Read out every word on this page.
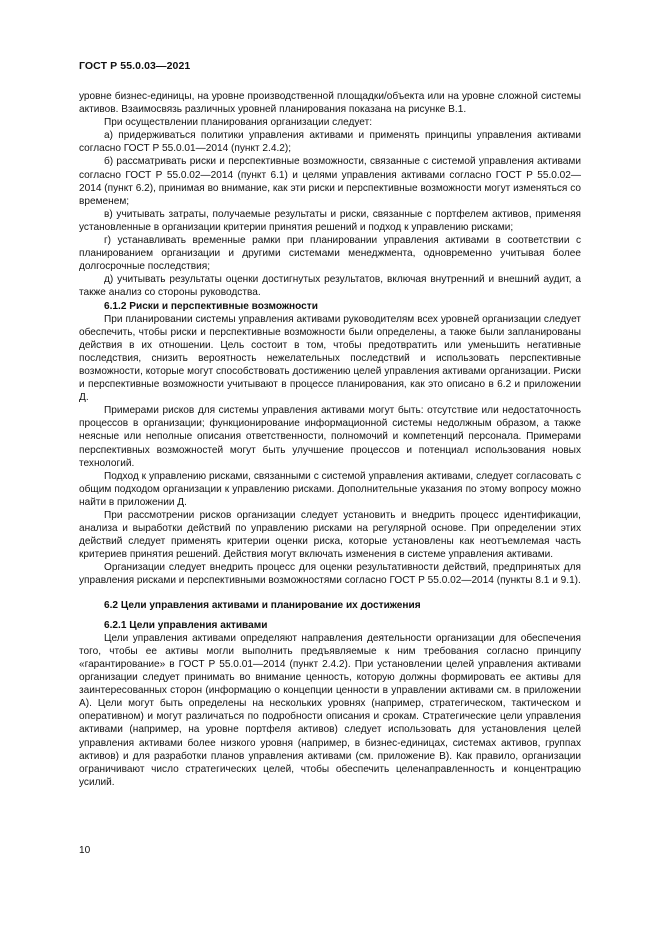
ГОСТ Р 55.0.03—2021

уровне бизнес-единицы, на уровне производственной площадки/объекта или на уровне сложной системы активов. Взаимосвязь различных уровней планирования показана на рисунке В.1.

При осуществлении планирования организации следует:

а) придерживаться политики управления активами и применять принципы управления активами согласно ГОСТ Р 55.0.01—2014 (пункт 2.4.2);

б) рассматривать риски и перспективные возможности, связанные с системой управления активами согласно ГОСТ Р 55.0.02—2014 (пункт 6.1) и целями управления активами согласно ГОСТ Р 55.0.02—2014 (пункт 6.2), принимая во внимание, как эти риски и перспективные возможности могут изменяться со временем;

в) учитывать затраты, получаемые результаты и риски, связанные с портфелем активов, применяя установленные в организации критерии принятия решений и подход к управлению рисками;

г) устанавливать временные рамки при планировании управления активами в соответствии с планированием организации и другими системами менеджмента, одновременно учитывая более долгосрочные последствия;

д) учитывать результаты оценки достигнутых результатов, включая внутренний и внешний аудит, а также анализ со стороны руководства.

6.1.2 Риски и перспективные возможности

При планировании системы управления активами руководителям всех уровней организации следует обеспечить, чтобы риски и перспективные возможности были определены, а также были запланированы действия в их отношении. Цель состоит в том, чтобы предотвратить или уменьшить негативные последствия, снизить вероятность нежелательных последствий и использовать перспективные возможности, которые могут способствовать достижению целей управления активами организации. Риски и перспективные возможности учитывают в процессе планирования, как это описано в 6.2 и приложении Д.

Примерами рисков для системы управления активами могут быть: отсутствие или недостаточность процессов в организации; функционирование информационной системы недолжным образом, а также неясные или неполные описания ответственности, полномочий и компетенций персонала. Примерами перспективных возможностей могут быть улучшение процессов и потенциал использования новых технологий.

Подход к управлению рисками, связанными с системой управления активами, следует согласовать с общим подходом организации к управлению рисками. Дополнительные указания по этому вопросу можно найти в приложении Д.

При рассмотрении рисков организации следует установить и внедрить процесс идентификации, анализа и выработки действий по управлению рисками на регулярной основе. При определении этих действий следует применять критерии оценки риска, которые установлены как неотъемлемая часть критериев принятия решений. Действия могут включать изменения в системе управления активами.

Организации следует внедрить процесс для оценки результативности действий, предпринятых для управления рисками и перспективными возможностями согласно ГОСТ Р 55.0.02—2014 (пункты 8.1 и 9.1).

6.2 Цели управления активами и планирование их достижения

6.2.1 Цели управления активами

Цели управления активами определяют направления деятельности организации для обеспечения того, чтобы ее активы могли выполнить предъявляемые к ним требования согласно принципу «гарантирование» в ГОСТ Р 55.0.01—2014 (пункт 2.4.2). При установлении целей управления активами организации следует принимать во внимание ценность, которую должны формировать ее активы для заинтересованных сторон (информацию о концепции ценности в управлении активами см. в приложении А). Цели могут быть определены на нескольких уровнях (например, стратегическом, тактическом и оперативном) и могут различаться по подробности описания и срокам. Стратегические цели управления активами (например, на уровне портфеля активов) следует использовать для установления целей управления активами более низкого уровня (например, в бизнес-единицах, системах активов, группах активов) и для разработки планов управления активами (см. приложение В). Как правило, организации ограничивают число стратегических целей, чтобы обеспечить целенаправленность и концентрацию усилий.

10
